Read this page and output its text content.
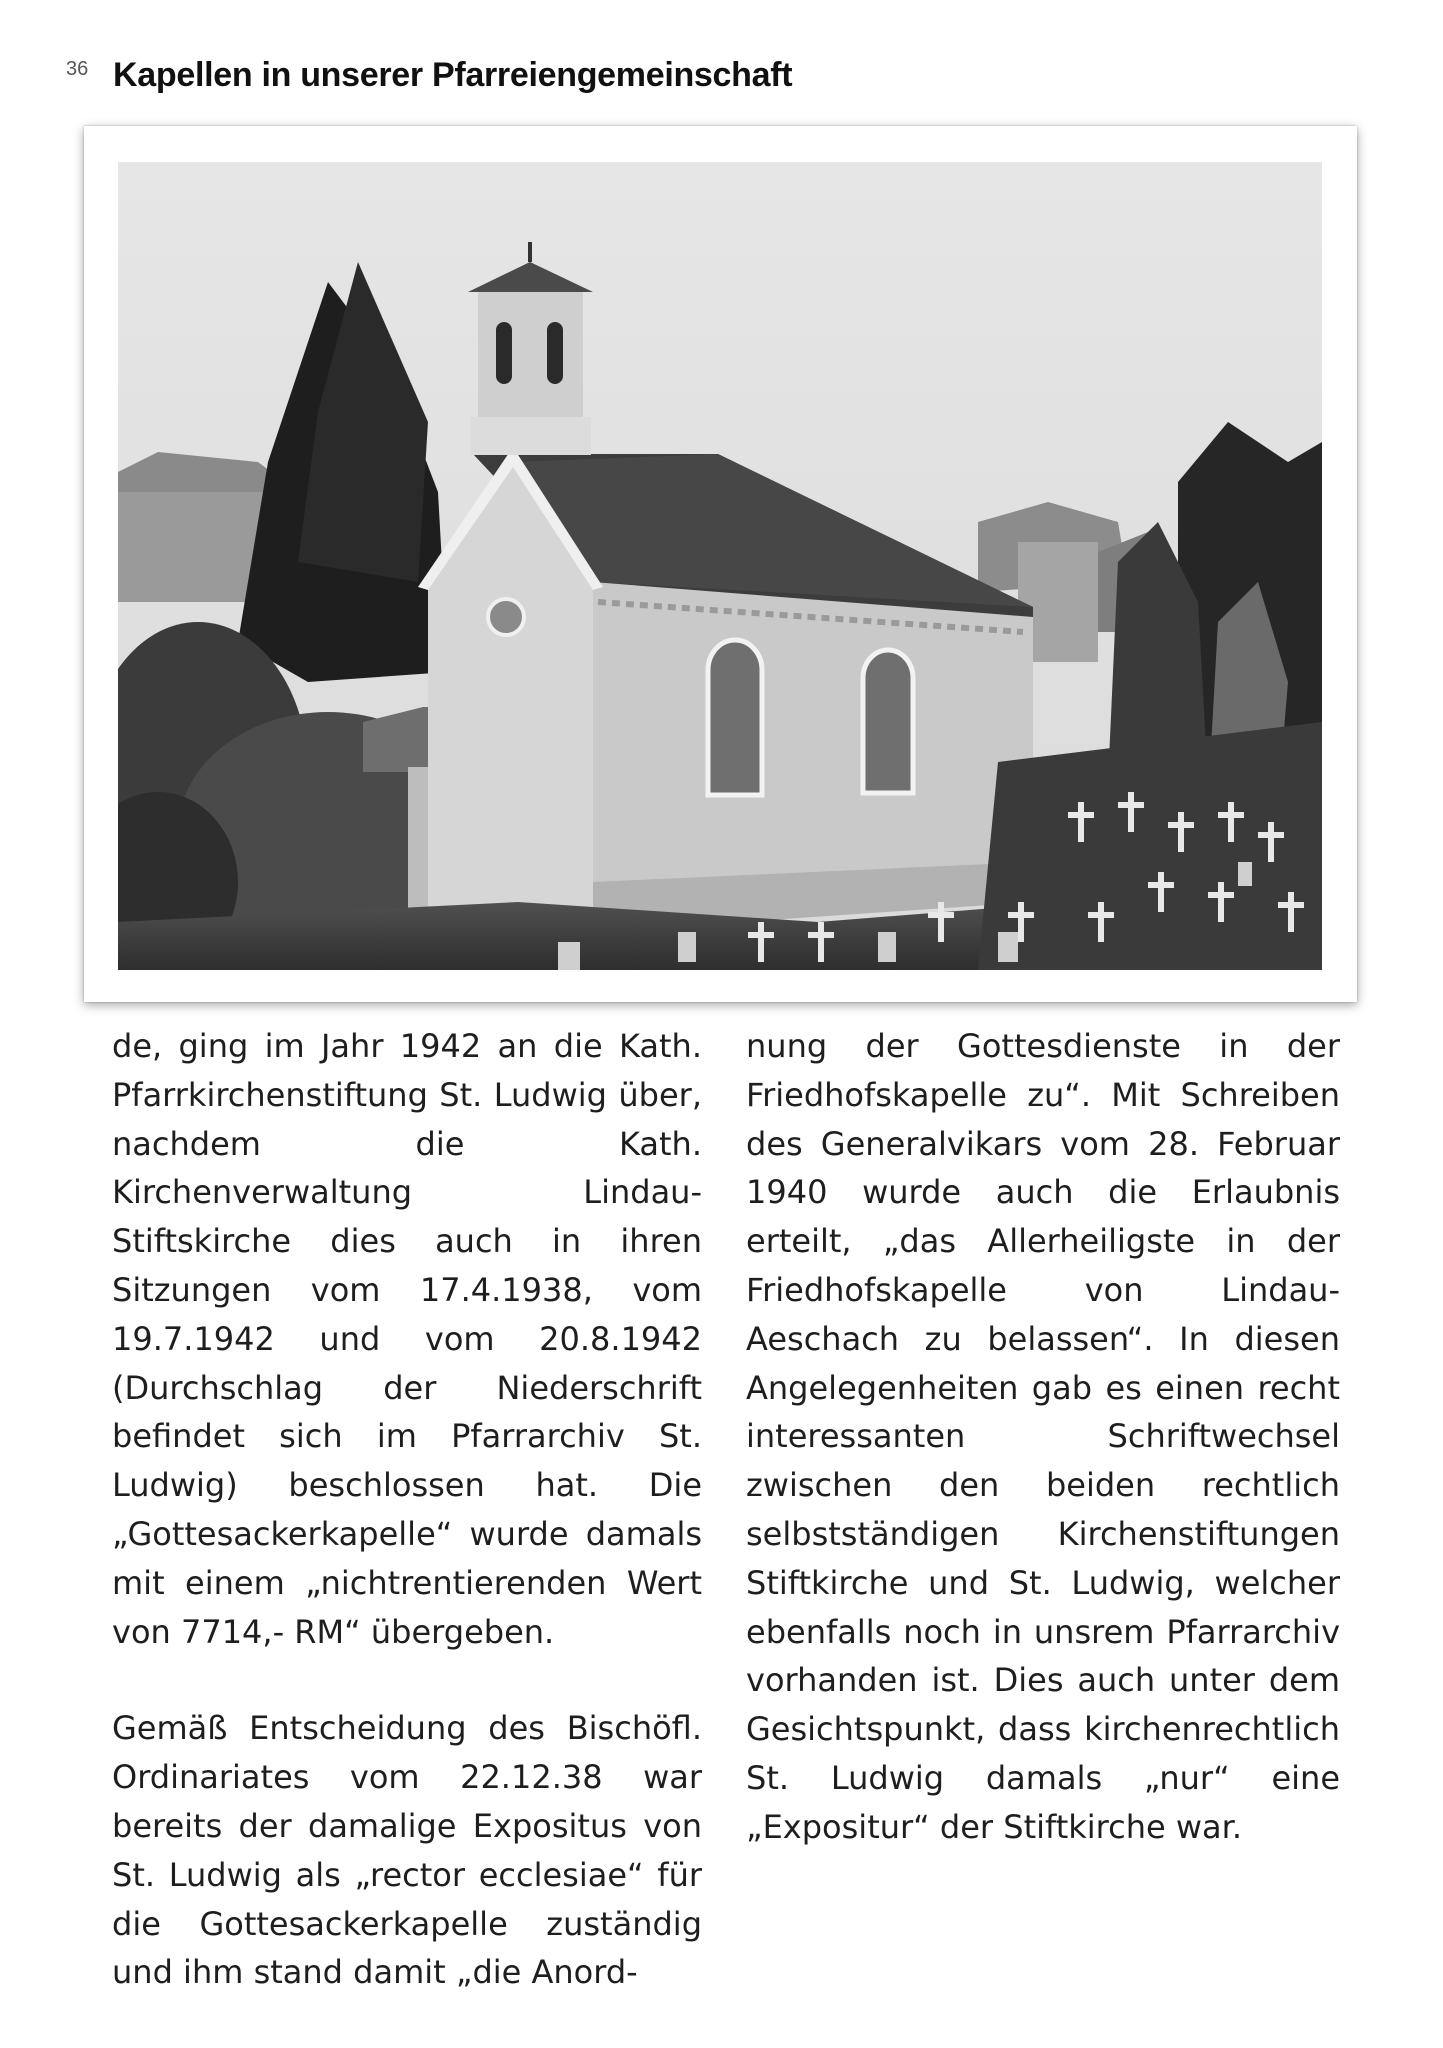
36 Kapellen in unserer Pfarreiengemeinschaft

de, ging im Jahr 1942 an die Kath. Pfarrkirchenstiftung St. Ludwig über, nachdem die Kath. Kirchenverwaltung Lindau-Stiftskirche dies auch in ihren Sitzungen vom 17.4.1938, vom 19.7.1942 und vom 20.8.1942 (Durchschlag der Niederschrift befindet sich im Pfarrarchiv St. Ludwig) beschlossen hat. Die „Gottesackerkapelle“ wurde damals mit einem „nichtrentierenden Wert von 7714,- RM“ übergeben.

Gemäß Entscheidung des Bischöfl. Ordinariates vom 22.12.38 war bereits der damalige Expositus von St. Ludwig als „rector ecclesiae“ für die Gottesackerkapelle zuständig und ihm stand damit „die Anord-

nung der Gottesdienste in der Friedhofskapelle zu“. Mit Schreiben des Generalvikars vom 28. Februar 1940 wurde auch die Erlaubnis erteilt, „das Allerheiligste in der Friedhofskapelle von Lindau-Aeschach zu belassen“. In diesen Angelegenheiten gab es einen recht interessanten Schriftwechsel zwischen den beiden rechtlich selbstständigen Kirchenstiftungen Stiftkirche und St. Ludwig, welcher ebenfalls noch in unsrem Pfarrarchiv vorhanden ist. Dies auch unter dem Gesichtspunkt, dass kirchenrechtlich St. Ludwig damals „nur“ eine „Expositur“ der Stiftkirche war.
